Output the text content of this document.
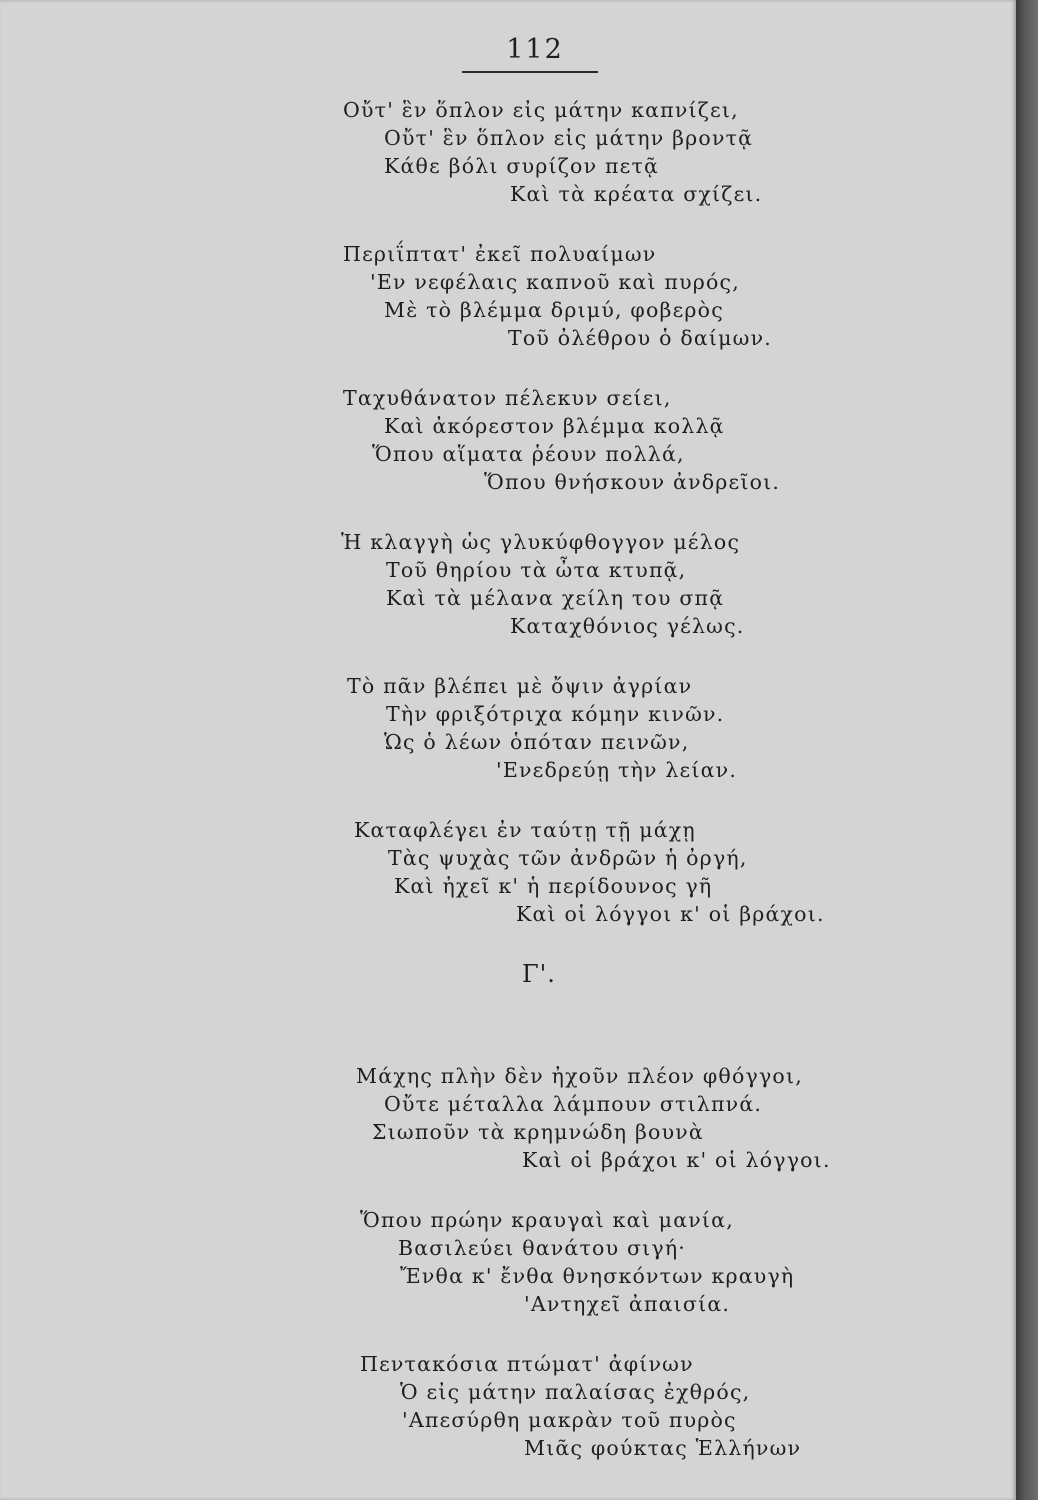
112
Οὔτ' ἓν ὅπλον εἰς μάτην καπνίζει,
Οὔτ' ἓν ὅπλον εἰς μάτην βροντᾷ
Κάθε βόλι συρίζον πετᾷ
Καὶ τὰ κρέατα σχίζει.
Περιΐπτατ' ἐκεῖ πολυαίμων
'Εν νεφέλαις καπνοῦ καὶ πυρός,
Μὲ τὸ βλέμμα δριμύ, φοβερὸς
Τοῦ ὀλέθρου ὁ δαίμων.
Ταχυθάνατον πέλεκυν σείει,
Καὶ ἀκόρεστον βλέμμα κολλᾷ
Ὅπου αἵματα ῥέουν πολλά,
Ὅπου θνήσκουν ἀνδρεῖοι.
Ἡ κλαγγὴ ὡς γλυκύφθογγον μέλος
Τοῦ θηρίου τὰ ὦτα κτυπᾷ,
Καὶ τὰ μέλανα χείλη του σπᾷ
Καταχθόνιος γέλως.
Τὸ πᾶν βλέπει μὲ ὄψιν ἀγρίαν
Τὴν φριξότριχα κόμην κινῶν.
Ὡς ὁ λέων ὁπόταν πεινῶν,
'Ενεδρεύῃ τὴν λείαν.
Καταφλέγει ἐν ταύτῃ τῇ μάχῃ
Τὰς ψυχὰς τῶν ἀνδρῶν ἡ ὀργή,
Καὶ ἠχεῖ κ' ἡ περίδουνος γῆ
Καὶ οἱ λόγγοι κ' οἱ βράχοι.
Γ'.
Μάχης πλὴν δὲν ἠχοῦν πλέον φθόγγοι,
Οὔτε μέταλλα λάμπουν στιλπνά.
Σιωποῦν τὰ κρημνώδη βουνὰ
Καὶ οἱ βράχοι κ' οἱ λόγγοι.
Ὅπου πρώην κραυγαὶ καὶ μανία,
Βασιλεύει θανάτου σιγή·
Ἔνθα κ' ἔνθα θνησκόντων κραυγὴ
'Αντηχεῖ ἀπαισία.
Πεντακόσια πτώματ' ἀφίνων
Ὁ εἰς μάτην παλαίσας ἐχθρός,
'Απεσύρθη μακρὰν τοῦ πυρὸς
Μιᾶς φούκτας Ἑλλήνων
